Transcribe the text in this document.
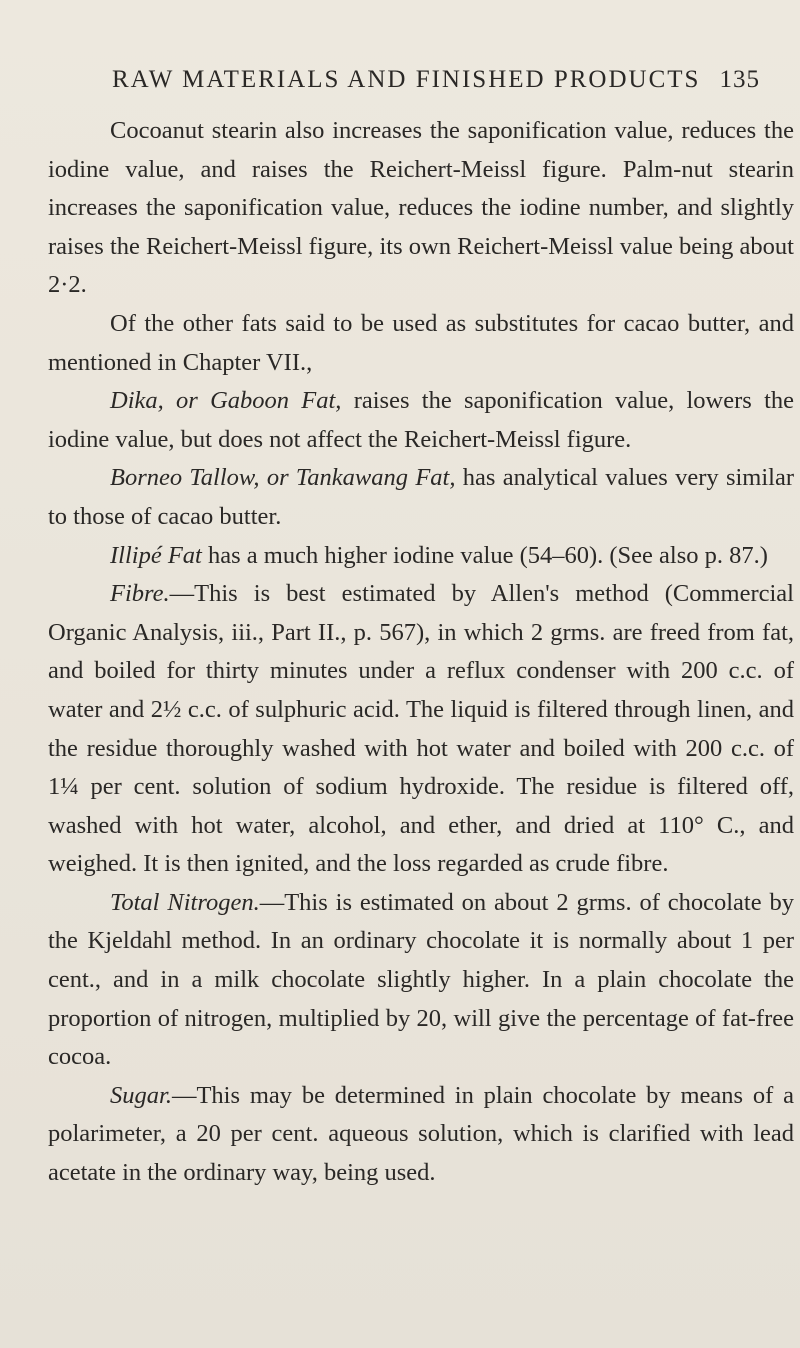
RAW MATERIALS AND FINISHED PRODUCTS 135

Cocoanut stearin also increases the saponification value, reduces the iodine value, and raises the Reichert-Meissl figure. Palm-nut stearin increases the saponification value, reduces the iodine number, and slightly raises the Reichert-Meissl figure, its own Reichert-Meissl value being about 2·2.

Of the other fats said to be used as substitutes for cacao butter, and mentioned in Chapter VII.,

Dika, or Gaboon Fat, raises the saponification value, lowers the iodine value, but does not affect the Reichert-Meissl figure.

Borneo Tallow, or Tankawang Fat, has analytical values very similar to those of cacao butter.

Illipé Fat has a much higher iodine value (54–60). (See also p. 87.)

Fibre.—This is best estimated by Allen's method (Commercial Organic Analysis, iii., Part II., p. 567), in which 2 grms. are freed from fat, and boiled for thirty minutes under a reflux condenser with 200 c.c. of water and 2½ c.c. of sulphuric acid. The liquid is filtered through linen, and the residue thoroughly washed with hot water and boiled with 200 c.c. of 1¼ per cent. solution of sodium hydroxide. The residue is filtered off, washed with hot water, alcohol, and ether, and dried at 110° C., and weighed. It is then ignited, and the loss regarded as crude fibre.

Total Nitrogen.—This is estimated on about 2 grms. of chocolate by the Kjeldahl method. In an ordinary chocolate it is normally about 1 per cent., and in a milk chocolate slightly higher. In a plain chocolate the proportion of nitrogen, multiplied by 20, will give the percentage of fat-free cocoa.

Sugar.—This may be determined in plain chocolate by means of a polarimeter, a 20 per cent. aqueous solution, which is clarified with lead acetate in the ordinary way, being used.
